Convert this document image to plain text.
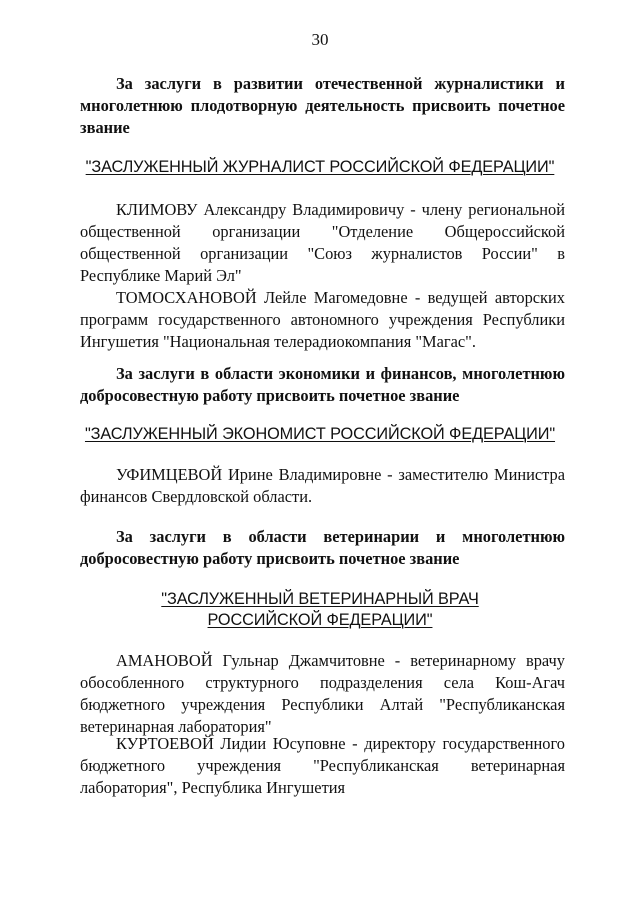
30

За заслуги в развитии отечественной журналистики и многолетнюю плодотворную деятельность присвоить почетное звание

"ЗАСЛУЖЕННЫЙ ЖУРНАЛИСТ РОССИЙСКОЙ ФЕДЕРАЦИИ"

КЛИМОВУ Александру Владимировичу - члену региональной общественной организации "Отделение Общероссийской общественной организации "Союз журналистов России" в Республике Марий Эл"

ТОМОСХАНОВОЙ Лейле Магомедовне - ведущей авторских программ государственного автономного учреждения Республики Ингушетия "Национальная телерадиокомпания "Магас".

За заслуги в области экономики и финансов, многолетнюю добросовестную работу присвоить почетное звание

"ЗАСЛУЖЕННЫЙ ЭКОНОМИСТ РОССИЙСКОЙ ФЕДЕРАЦИИ"

УФИМЦЕВОЙ Ирине Владимировне - заместителю Министра финансов Свердловской области.

За заслуги в области ветеринарии и многолетнюю добросовестную работу присвоить почетное звание

"ЗАСЛУЖЕННЫЙ ВЕТЕРИНАРНЫЙ ВРАЧ
РОССИЙСКОЙ ФЕДЕРАЦИИ"

АМАНОВОЙ Гульнар Джамчитовне - ветеринарному врачу обособленного структурного подразделения села Кош-Агач бюджетного учреждения Республики Алтай "Республиканская ветеринарная лаборатория"

КУРТОЕВОЙ Лидии Юсуповне - директору государственного бюджетного учреждения "Республиканская ветеринарная лаборатория", Республика Ингушетия
